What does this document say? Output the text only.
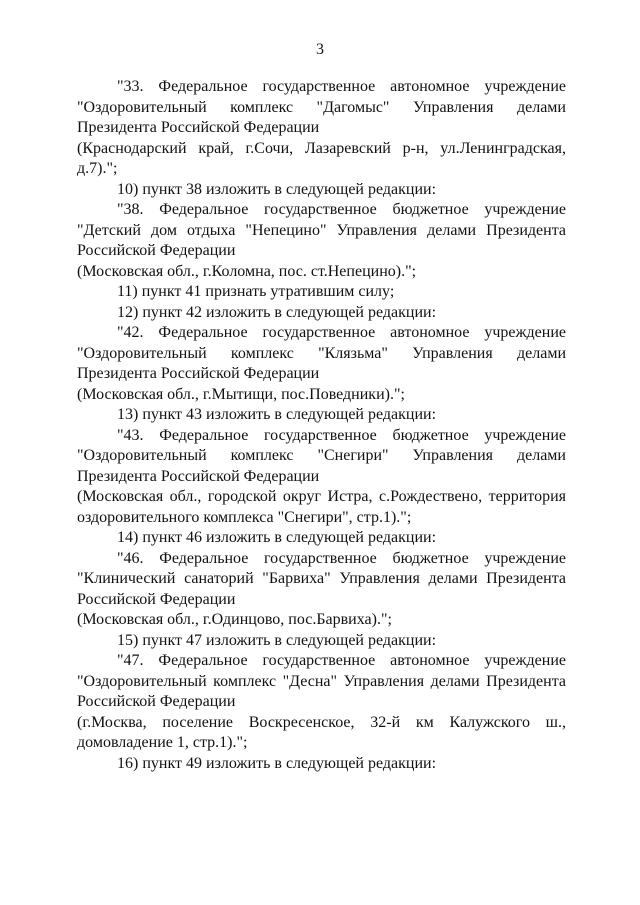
3

"33. Федеральное государственное автономное учреждение "Оздоровительный комплекс "Дагомыс" Управления делами Президента Российской Федерации

(Краснодарский край, г.Сочи, Лазаревский р-н, ул.Ленинградская, д.7).";

10) пункт 38 изложить в следующей редакции:

"38. Федеральное государственное бюджетное учреждение "Детский дом отдыха "Непецино" Управления делами Президента Российской Федерации

(Московская обл., г.Коломна, пос. ст.Непецино).";

11) пункт 41 признать утратившим силу;

12) пункт 42 изложить в следующей редакции:

"42. Федеральное государственное автономное учреждение "Оздоровительный комплекс "Клязьма" Управления делами Президента Российской Федерации

(Московская обл., г.Мытищи, пос.Поведники).";

13) пункт 43 изложить в следующей редакции:

"43. Федеральное государственное бюджетное учреждение "Оздоровительный комплекс "Снегири" Управления делами Президента Российской Федерации

(Московская обл., городской округ Истра, с.Рождествено, территория оздоровительного комплекса "Снегири", стр.1).";

14) пункт 46 изложить в следующей редакции:

"46. Федеральное государственное бюджетное учреждение "Клинический санаторий "Барвиха" Управления делами Президента Российской Федерации

(Московская обл., г.Одинцово, пос.Барвиха).";

15) пункт 47 изложить в следующей редакции:

"47. Федеральное государственное автономное учреждение "Оздоровительный комплекс "Десна" Управления делами Президента Российской Федерации

(г.Москва, поселение Воскресенское, 32-й км Калужского ш., домовладение 1, стр.1).";

16) пункт 49 изложить в следующей редакции:
